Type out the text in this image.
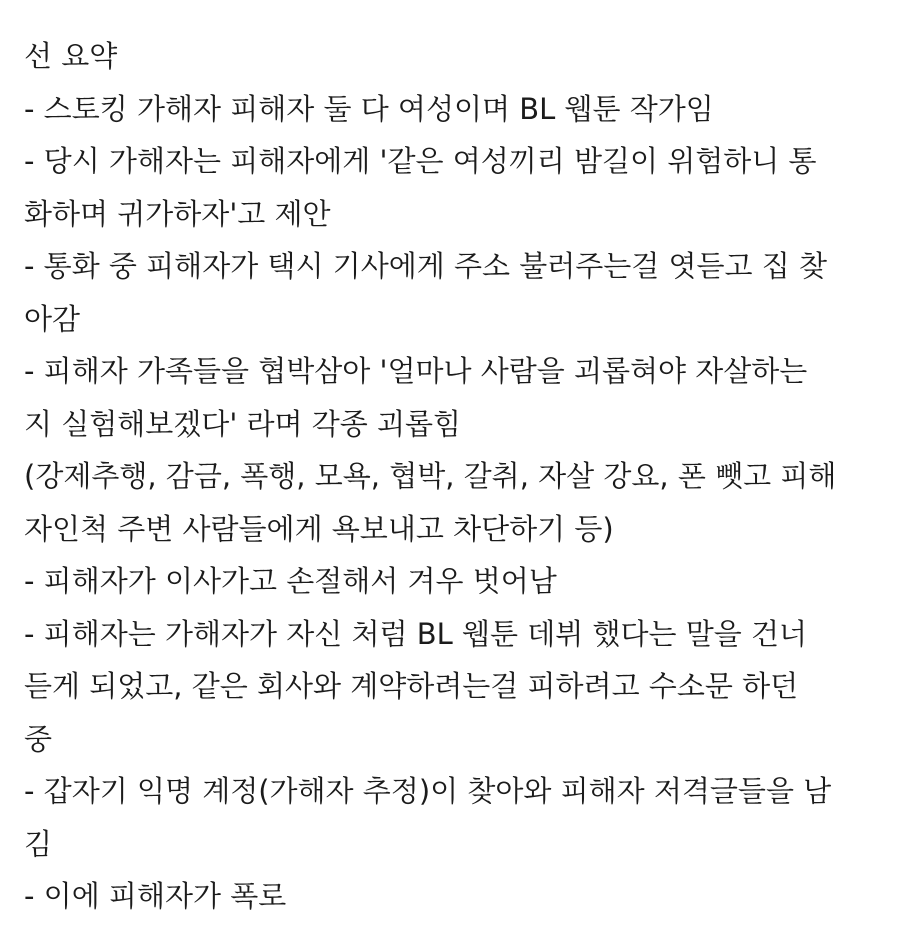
선 요약
- 스토킹 가해자 피해자 둘 다 여성이며 BL 웹툰 작가임
- 당시 가해자는 피해자에게 '같은 여성끼리 밤길이 위험하니 통
화하며 귀가하자'고 제안
- 통화 중 피해자가 택시 기사에게 주소 불러주는걸 엿듣고 집 찾
아감
- 피해자 가족들을 협박삼아 '얼마나 사람을 괴롭혀야 자살하는
지 실험해보겠다' 라며 각종 괴롭힘
(강제추행, 감금, 폭행, 모욕, 협박, 갈취, 자살 강요, 폰 뺏고 피해
자인척 주변 사람들에게 욕보내고 차단하기 등)
- 피해자가 이사가고 손절해서 겨우 벗어남
- 피해자는 가해자가 자신 처럼 BL 웹툰 데뷔 했다는 말을 건너
듣게 되었고, 같은 회사와 계약하려는걸 피하려고 수소문 하던
중
- 갑자기 익명 계정(가해자 추정)이 찾아와 피해자 저격글들을 남
김
- 이에 피해자가 폭로
